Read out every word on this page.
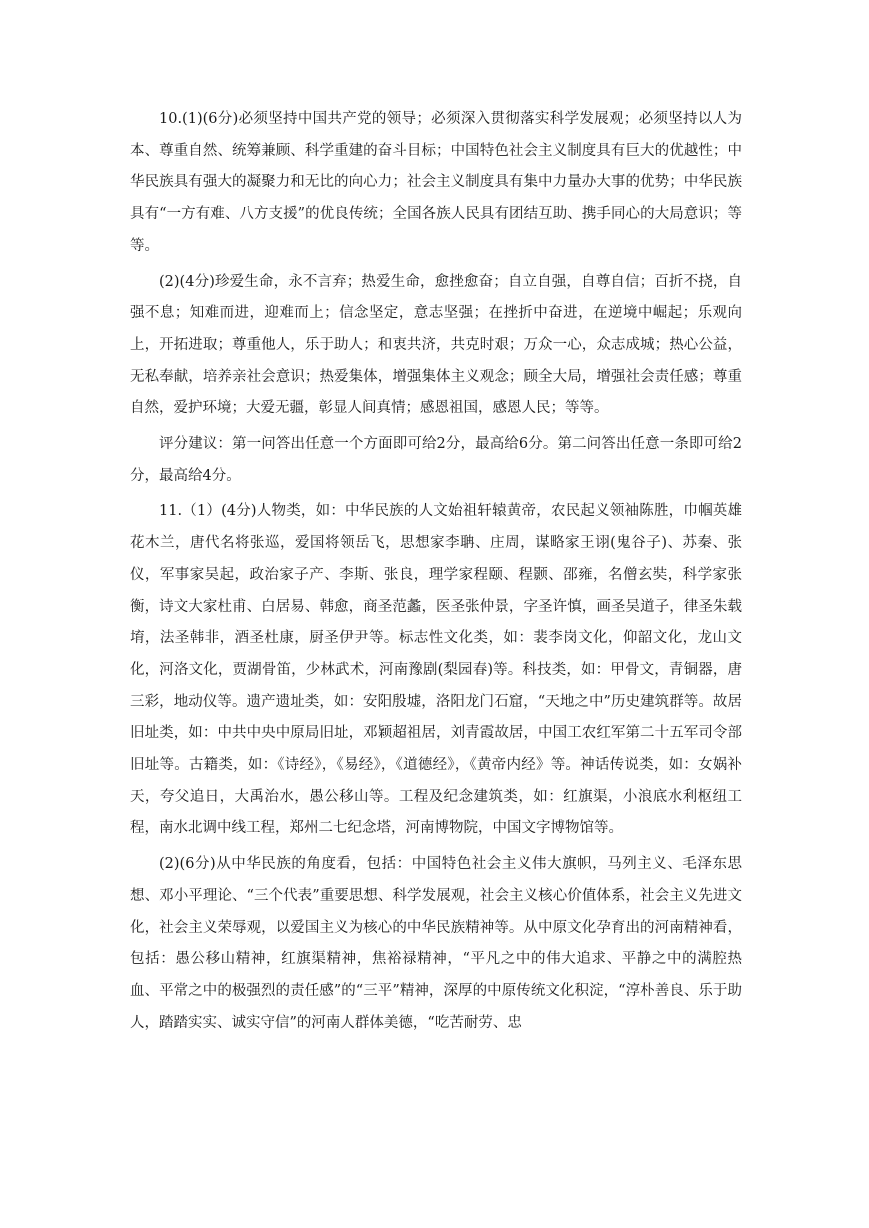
10.(1)(6分)必须坚持中国共产党的领导；必须深入贯彻落实科学发展观；必须坚持以人为本、尊重自然、统筹兼顾、科学重建的奋斗目标；中国特色社会主义制度具有巨大的优越性；中华民族具有强大的凝聚力和无比的向心力；社会主义制度具有集中力量办大事的优势；中华民族具有“一方有难、八方支援”的优良传统；全国各族人民具有团结互助、携手同心的大局意识；等等。

(2)(4分)珍爱生命，永不言弃；热爱生命，愈挫愈奋；自立自强，自尊自信；百折不挠，自强不息；知难而进，迎难而上；信念坚定，意志坚强；在挫折中奋进，在逆境中崛起；乐观向上，开拓进取；尊重他人，乐于助人；和衷共济，共克时艰；万众一心，众志成城；热心公益，无私奉献，培养亲社会意识；热爱集体，增强集体主义观念；顾全大局，增强社会责任感；尊重自然，爱护环境；大爱无疆，彰显人间真情；感恩祖国，感恩人民；等等。

评分建议：第一问答出任意一个方面即可给2分，最高给6分。第二问答出任意一条即可给2分，最高给4分。

11.（1）(4分)人物类，如：中华民族的人文始祖轩辕黄帝，农民起义领袖陈胜，巾帼英雄花木兰，唐代名将张巡，爱国将领岳飞，思想家李聃、庄周，谋略家王诩(鬼谷子)、苏秦、张仪，军事家吴起，政治家子产、李斯、张良，理学家程颐、程颢、邵雍，名僧玄奘，科学家张衡，诗文大家杜甫、白居易、韩愈，商圣范蠡，医圣张仲景，字圣许慎，画圣吴道子，律圣朱载堉，法圣韩非，酒圣杜康，厨圣伊尹等。标志性文化类，如：裴李岗文化，仰韶文化，龙山文化，河洛文化，贾湖骨笛，少林武术，河南豫剧(梨园春)等。科技类，如：甲骨文，青铜器，唐三彩，地动仪等。遗产遗址类，如：安阳殷墟，洛阳龙门石窟，“天地之中”历史建筑群等。故居旧址类，如：中共中央中原局旧址，邓颖超祖居，刘青霞故居，中国工农红军第二十五军司令部旧址等。古籍类，如：《诗经》，《易经》，《道德经》，《黄帝内经》等。神话传说类，如：女娲补天，夸父追日，大禹治水，愚公移山等。工程及纪念建筑类，如：红旗渠，小浪底水利枢纽工程，南水北调中线工程，郑州二七纪念塔，河南博物院，中国文字博物馆等。

(2)(6分)从中华民族的角度看，包括：中国特色社会主义伟大旗帜，马列主义、毛泽东思想、邓小平理论、“三个代表”重要思想、科学发展观，社会主义核心价值体系，社会主义先进文化，社会主义荣辱观，以爱国主义为核心的中华民族精神等。从中原文化孕育出的河南精神看，包括：愚公移山精神，红旗渠精神，焦裕禄精神，“平凡之中的伟大追求、平静之中的满腔热血、平常之中的极强烈的责任感”的“三平”精神，深厚的中原传统文化积淀，“淳朴善良、乐于助人，踏踏实实、诚实守信”的河南人群体美德，“吃苦耐劳、忠
